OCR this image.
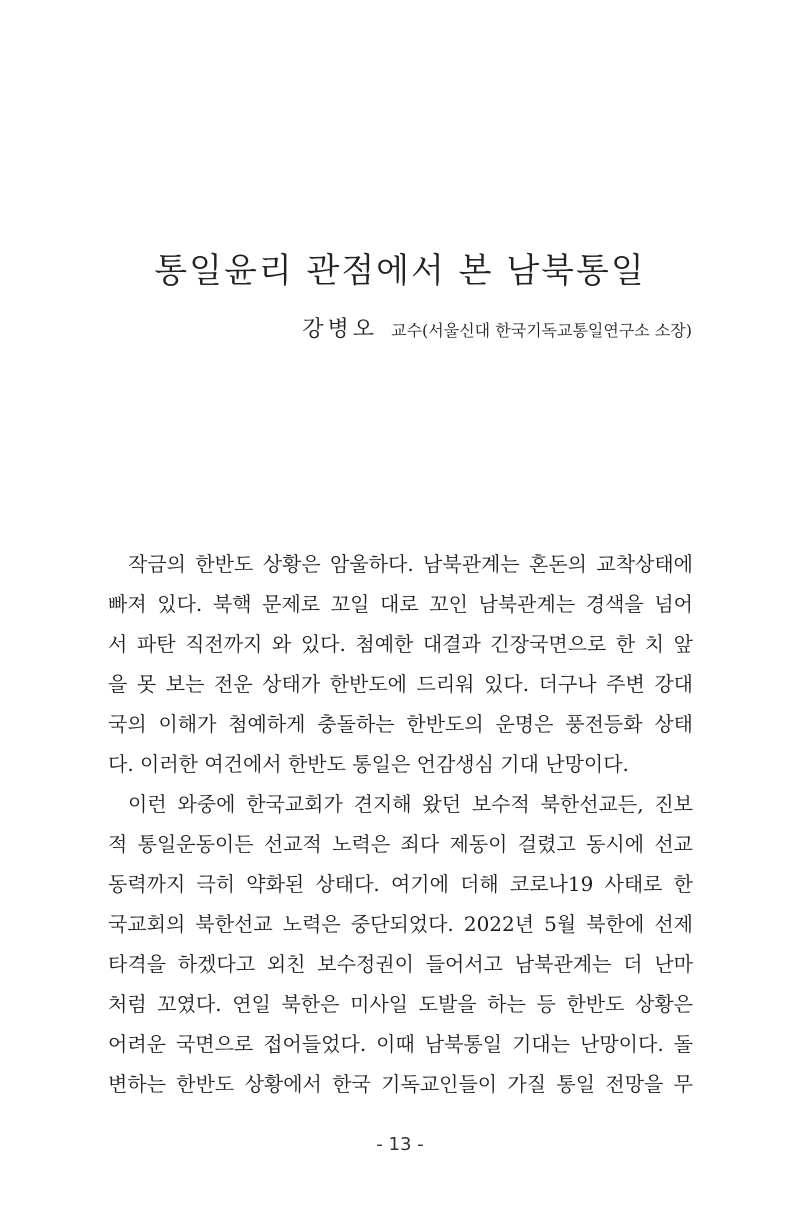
통일윤리 관점에서 본 남북통일
강병오 교수(서울신대 한국기독교통일연구소 소장)
작금의 한반도 상황은 암울하다. 남북관계는 혼돈의 교착상태에
빠져 있다. 북핵 문제로 꼬일 대로 꼬인 남북관계는 경색을 넘어
서 파탄 직전까지 와 있다. 첨예한 대결과 긴장국면으로 한 치 앞
을 못 보는 전운 상태가 한반도에 드리워 있다. 더구나 주변 강대
국의 이해가 첨예하게 충돌하는 한반도의 운명은 풍전등화 상태
다. 이러한 여건에서 한반도 통일은 언감생심 기대 난망이다.
이런 와중에 한국교회가 견지해 왔던 보수적 북한선교든, 진보
적 통일운동이든 선교적 노력은 죄다 제동이 걸렸고 동시에 선교
동력까지 극히 약화된 상태다. 여기에 더해 코로나19 사태로 한
국교회의 북한선교 노력은 중단되었다. 2022년 5월 북한에 선제
타격을 하겠다고 외친 보수정권이 들어서고 남북관계는 더 난마
처럼 꼬였다. 연일 북한은 미사일 도발을 하는 등 한반도 상황은
어려운 국면으로 접어들었다. 이때 남북통일 기대는 난망이다. 돌
변하는 한반도 상황에서 한국 기독교인들이 가질 통일 전망을 무
- 13 -
